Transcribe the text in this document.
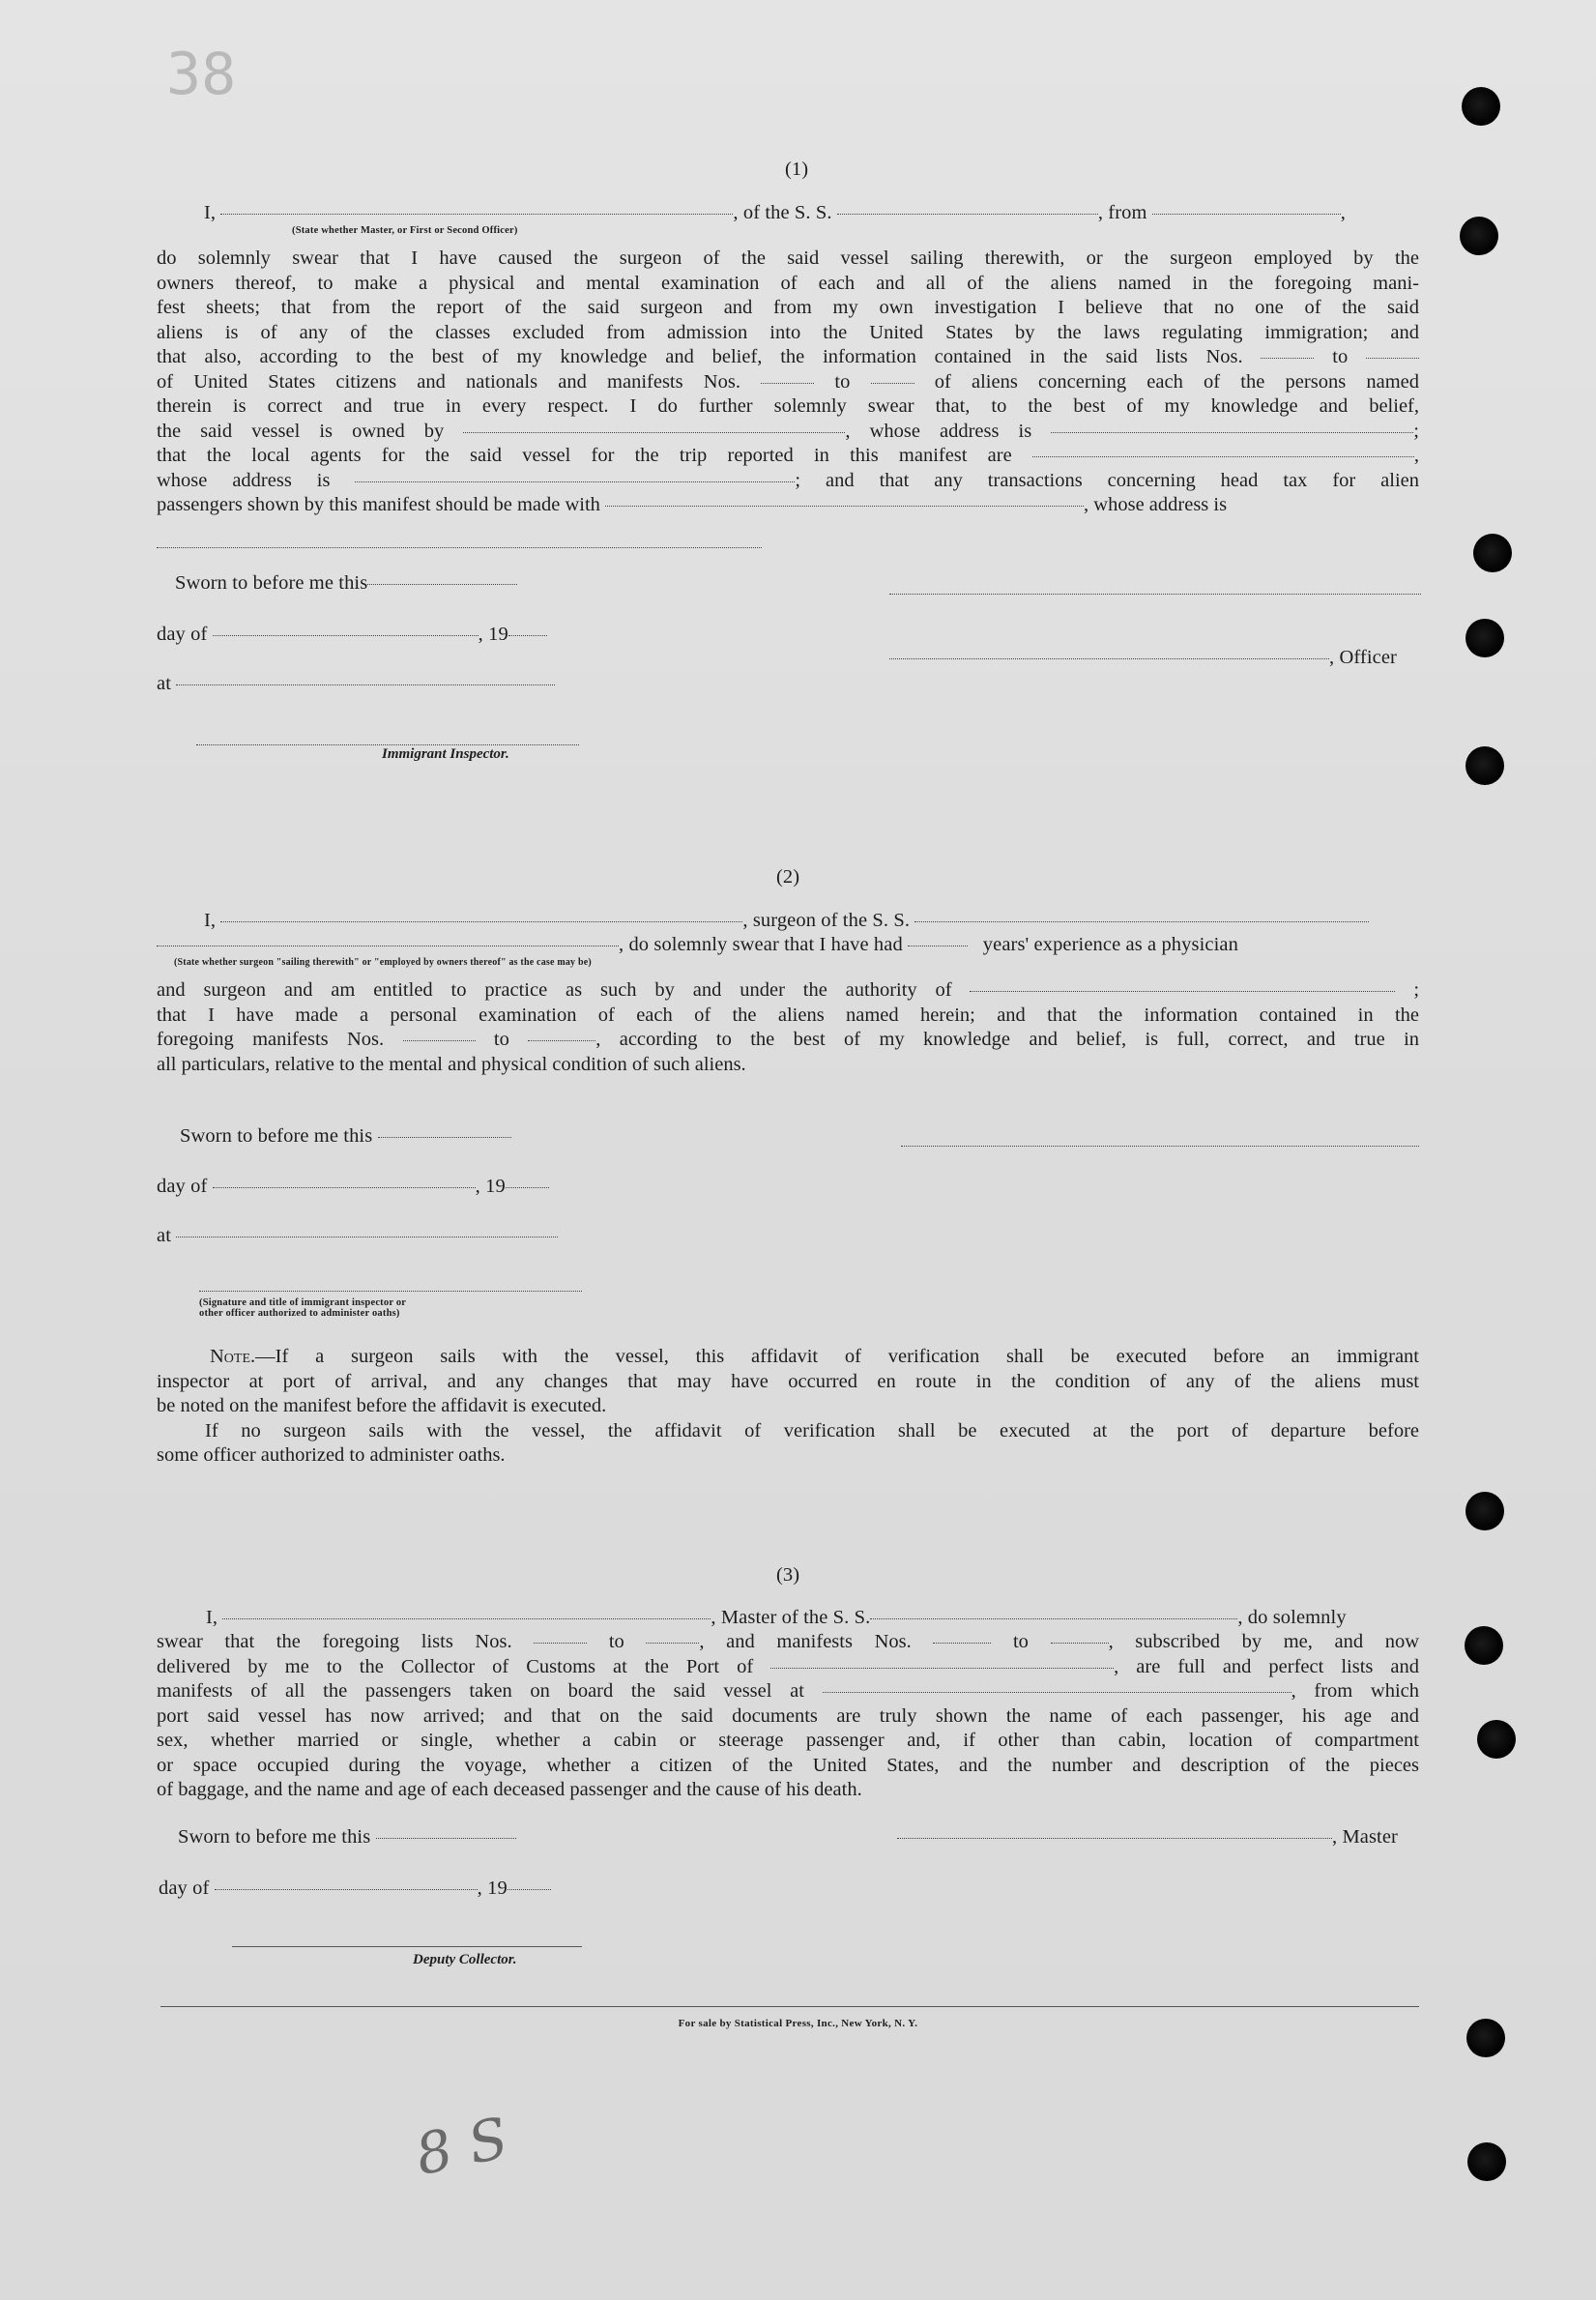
38
(1)
I,	, of the S. S.	, from	,
(State whether Master, or First or Second Officer)
do solemnly swear that I have caused the surgeon of the said vessel sailing therewith, or the surgeon employed by the
owners thereof, to make a physical and mental examination of each and all of the aliens named in the foregoing mani-
fest sheets; that from the report of the said surgeon and from my own investigation I believe that no one of the said
aliens is of any of the classes excluded from admission into the United States by the laws regulating immigration; and
that also, according to the best of my knowledge and belief, the information contained in the said lists Nos.	to
of United States citizens and nationals and manifests Nos.	to	of aliens concerning each of the persons named
therein is correct and true in every respect. I do further solemnly swear that, to the best of my knowledge and belief,
the said vessel is owned by	, whose address is	;
that the local agents for the said vessel for the trip reported in this manifest are	,
whose address is	; and that any transactions concerning head tax for alien
passengers shown by this manifest should be made with	, whose address is
Sworn to before me this
day of	, 19
, Officer
at
Immigrant Inspector.
(2)
I,	, surgeon of the S. S.
, do solemnly swear that I have had	years' experience as a physician
(State whether surgeon "sailing therewith" or "employed by owners thereof" as the case may be)
and surgeon and am entitled to practice as such by and under the authority of	;
that I have made a personal examination of each of the aliens named herein; and that the information contained in the
foregoing manifests Nos.	to	, according to the best of my knowledge and belief, is full, correct, and true in
all particulars, relative to the mental and physical condition of such aliens.
Sworn to before me this
day of	, 19
at
(Signature and title of immigrant inspector or
other officer authorized to administer oaths)
Note.—If a surgeon sails with the vessel, this affidavit of verification shall be executed before an immigrant
inspector at port of arrival, and any changes that may have occurred en route in the condition of any of the aliens must
be noted on the manifest before the affidavit is executed.
If no surgeon sails with the vessel, the affidavit of verification shall be executed at the port of departure before
some officer authorized to administer oaths.
(3)
I,	, Master of the S. S.	, do solemnly
swear that the foregoing lists Nos.	to	, and manifests Nos.	to	, subscribed by me, and now
delivered by me to the Collector of Customs at the Port of	, are full and perfect lists and
manifests of all the passengers taken on board the said vessel at	, from which
port said vessel has now arrived; and that on the said documents are truly shown the name of each passenger, his age and
sex, whether married or single, whether a cabin or steerage passenger and, if other than cabin, location of compartment
or space occupied during the voyage, whether a citizen of the United States, and the number and description of the pieces
of baggage, and the name and age of each deceased passenger and the cause of his death.
Sworn to before me this	, Master
day of	, 19
Deputy Collector.
For sale by Statistical Press, Inc., New York, N. Y.
8 S
